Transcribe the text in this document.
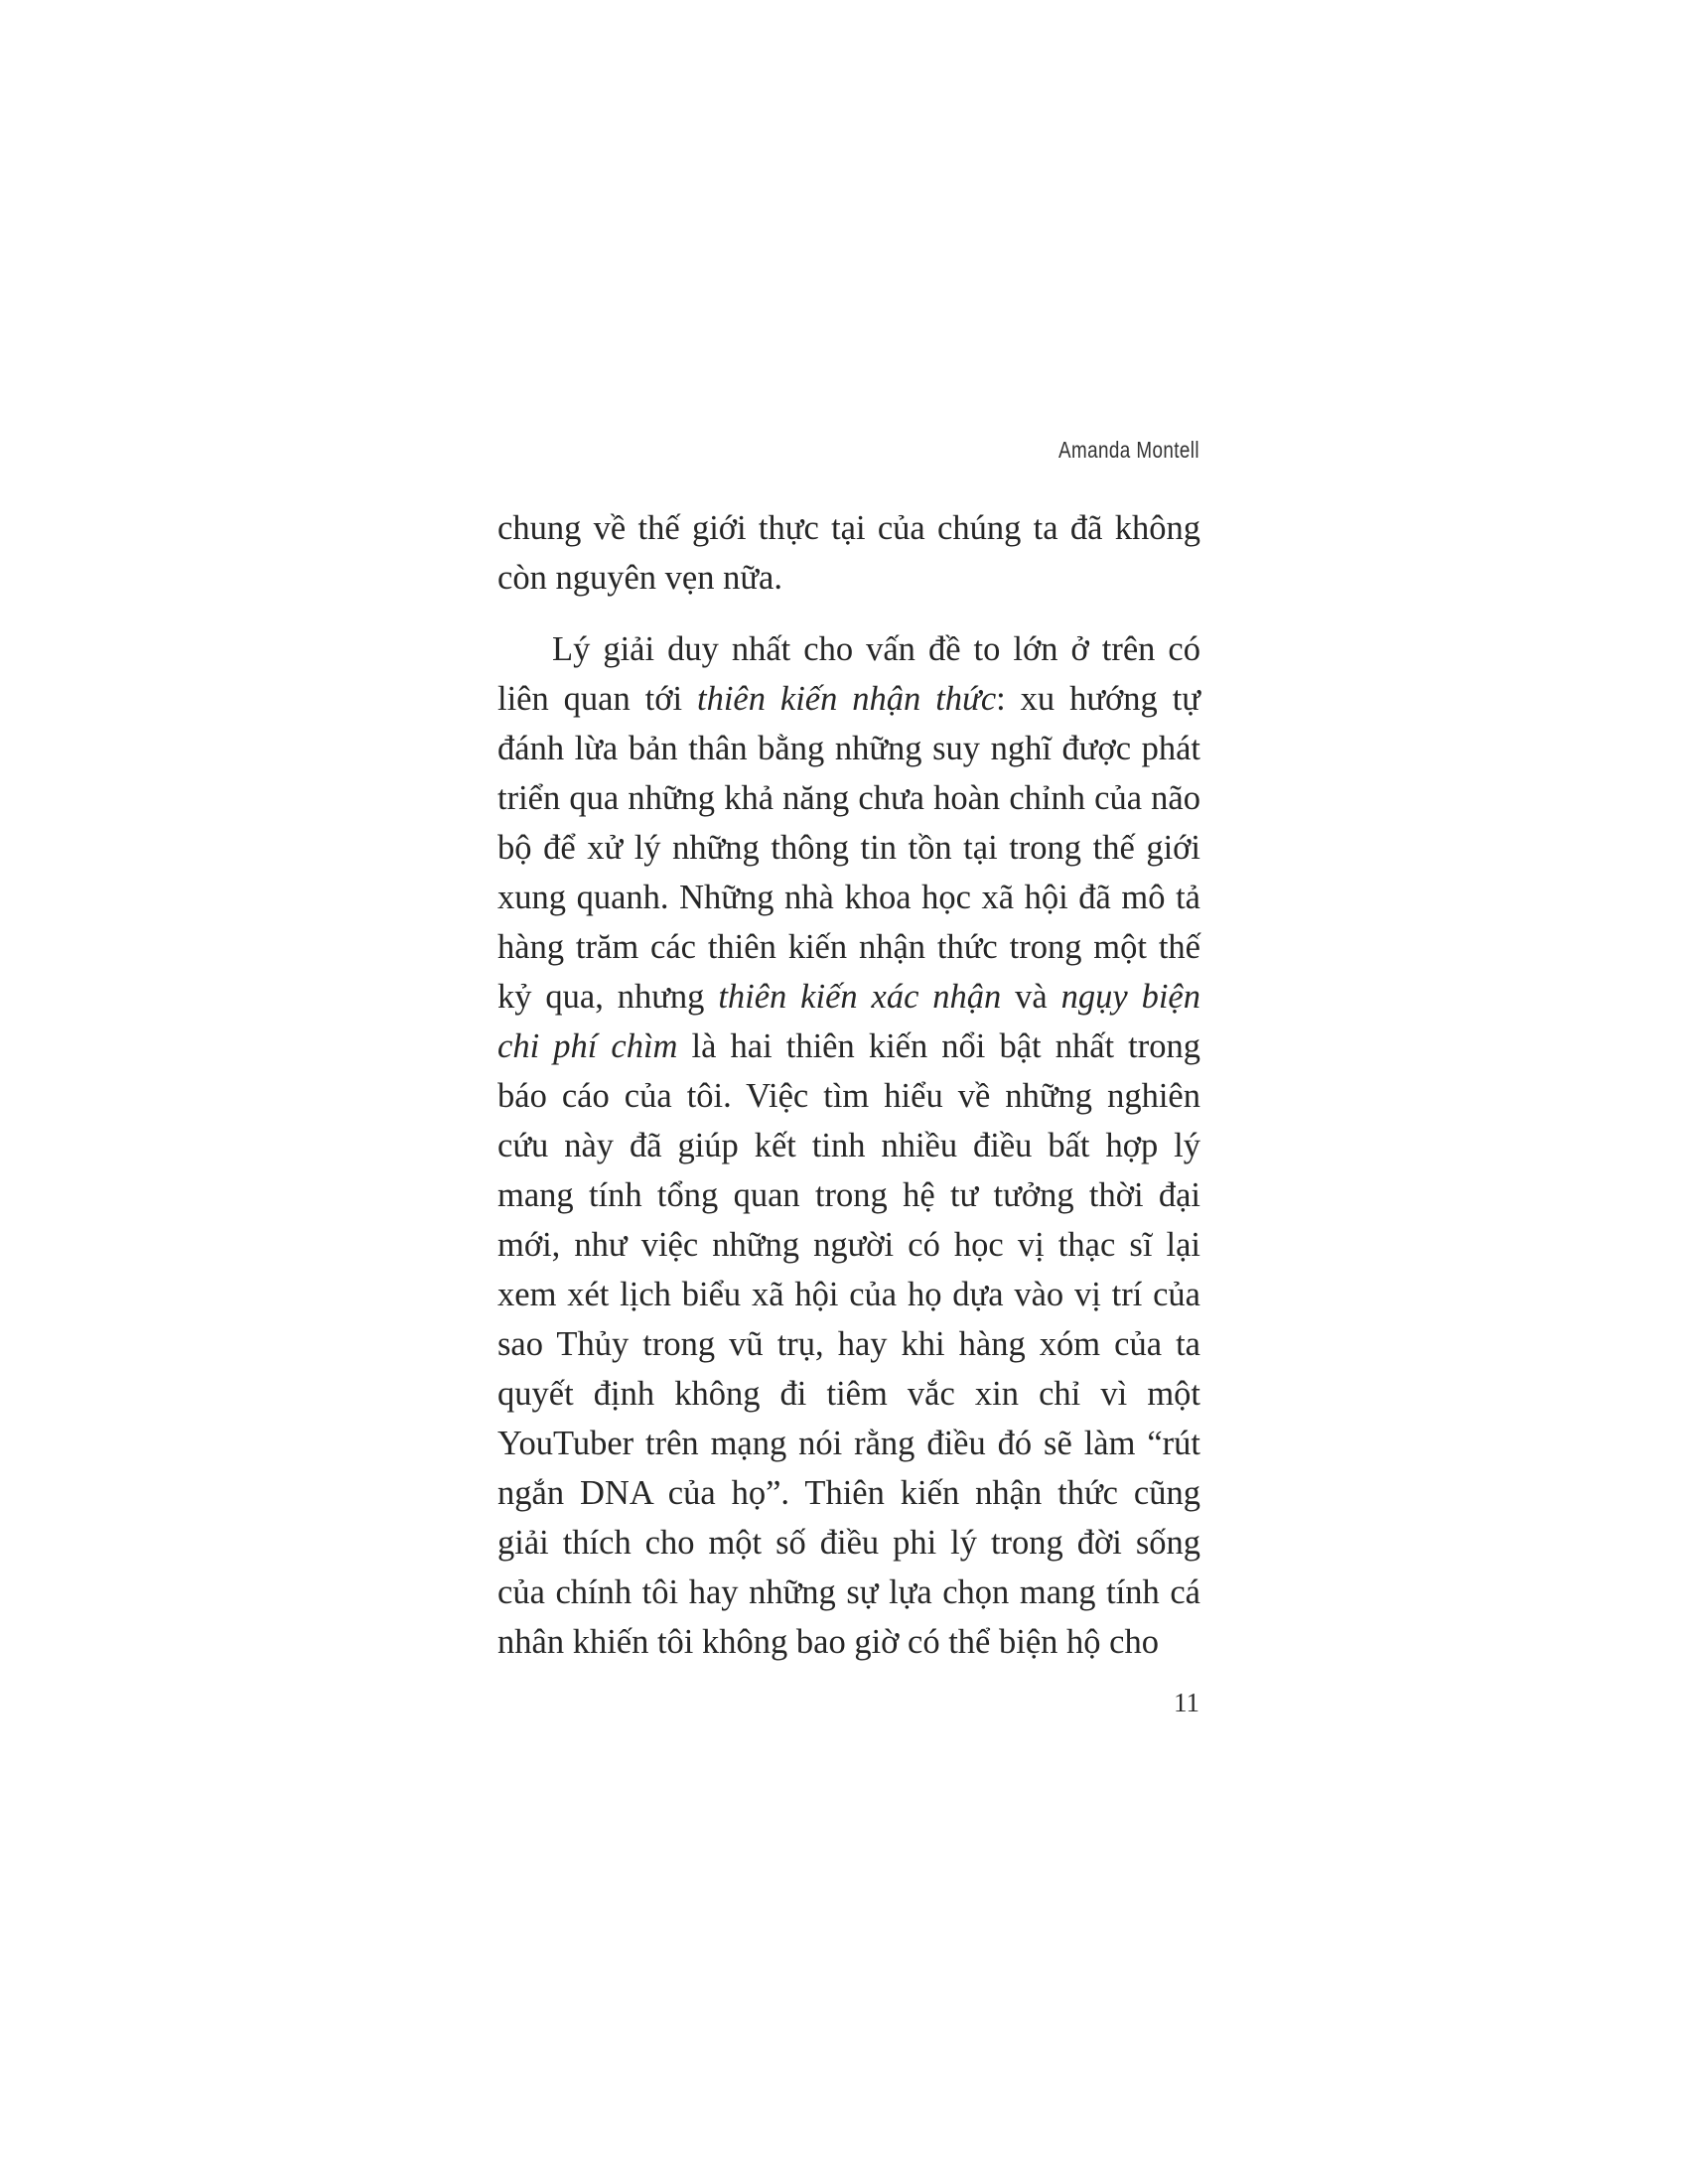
Amanda Montell

chung về thế giới thực tại của chúng ta đã không còn nguyên vẹn nữa.

Lý giải duy nhất cho vấn đề to lớn ở trên có liên quan tới thiên kiến nhận thức: xu hướng tự đánh lừa bản thân bằng những suy nghĩ được phát triển qua những khả năng chưa hoàn chỉnh của não bộ để xử lý những thông tin tồn tại trong thế giới xung quanh. Những nhà khoa học xã hội đã mô tả hàng trăm các thiên kiến nhận thức trong một thế kỷ qua, nhưng thiên kiến xác nhận và ngụy biện chi phí chìm là hai thiên kiến nổi bật nhất trong báo cáo của tôi. Việc tìm hiểu về những nghiên cứu này đã giúp kết tinh nhiều điều bất hợp lý mang tính tổng quan trong hệ tư tưởng thời đại mới, như việc những người có học vị thạc sĩ lại xem xét lịch biểu xã hội của họ dựa vào vị trí của sao Thủy trong vũ trụ, hay khi hàng xóm của ta quyết định không đi tiêm vắc xin chỉ vì một YouTuber trên mạng nói rằng điều đó sẽ làm “rút ngắn DNA của họ”. Thiên kiến nhận thức cũng giải thích cho một số điều phi lý trong đời sống của chính tôi hay những sự lựa chọn mang tính cá nhân khiến tôi không bao giờ có thể biện hộ cho

11
